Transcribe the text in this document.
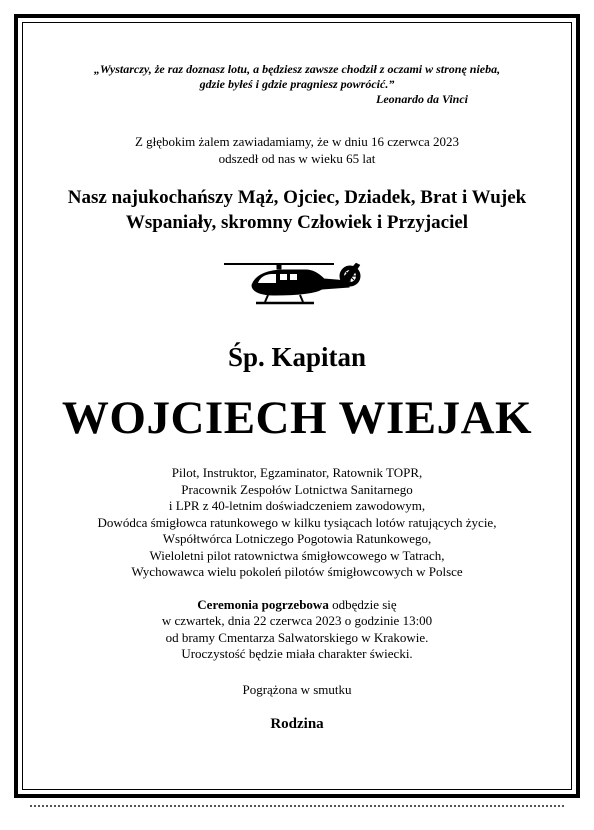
„Wystarczy, że raz doznasz lotu, a będziesz zawsze chodził z oczami w stronę nieba,
gdzie byłeś i gdzie pragniesz powrócić.”
Leonardo da Vinci
Z głębokim żalem zawiadamiamy, że w dniu 16 czerwca 2023
odszedł od nas w wieku 65 lat
Nasz najukochańszy Mąż, Ojciec, Dziadek, Brat i Wujek
Wspaniały, skromny Człowiek i Przyjaciel
Śp. Kapitan
WOJCIECH WIEJAK
Pilot, Instruktor, Egzaminator, Ratownik TOPR,
Pracownik Zespołów Lotnictwa Sanitarnego
i LPR z 40-letnim doświadczeniem zawodowym,
Dowódca śmigłowca ratunkowego w kilku tysiącach lotów ratujących życie,
Współtwórca Lotniczego Pogotowia Ratunkowego,
Wieloletni pilot ratownictwa śmigłowcowego w Tatrach,
Wychowawca wielu pokoleń pilotów śmigłowcowych w Polsce
Ceremonia pogrzebowa odbędzie się
w czwartek, dnia 22 czerwca 2023 o godzinie 13:00
od bramy Cmentarza Salwatorskiego w Krakowie.
Uroczystość będzie miała charakter świecki.
Pogrążona w smutku
Rodzina
